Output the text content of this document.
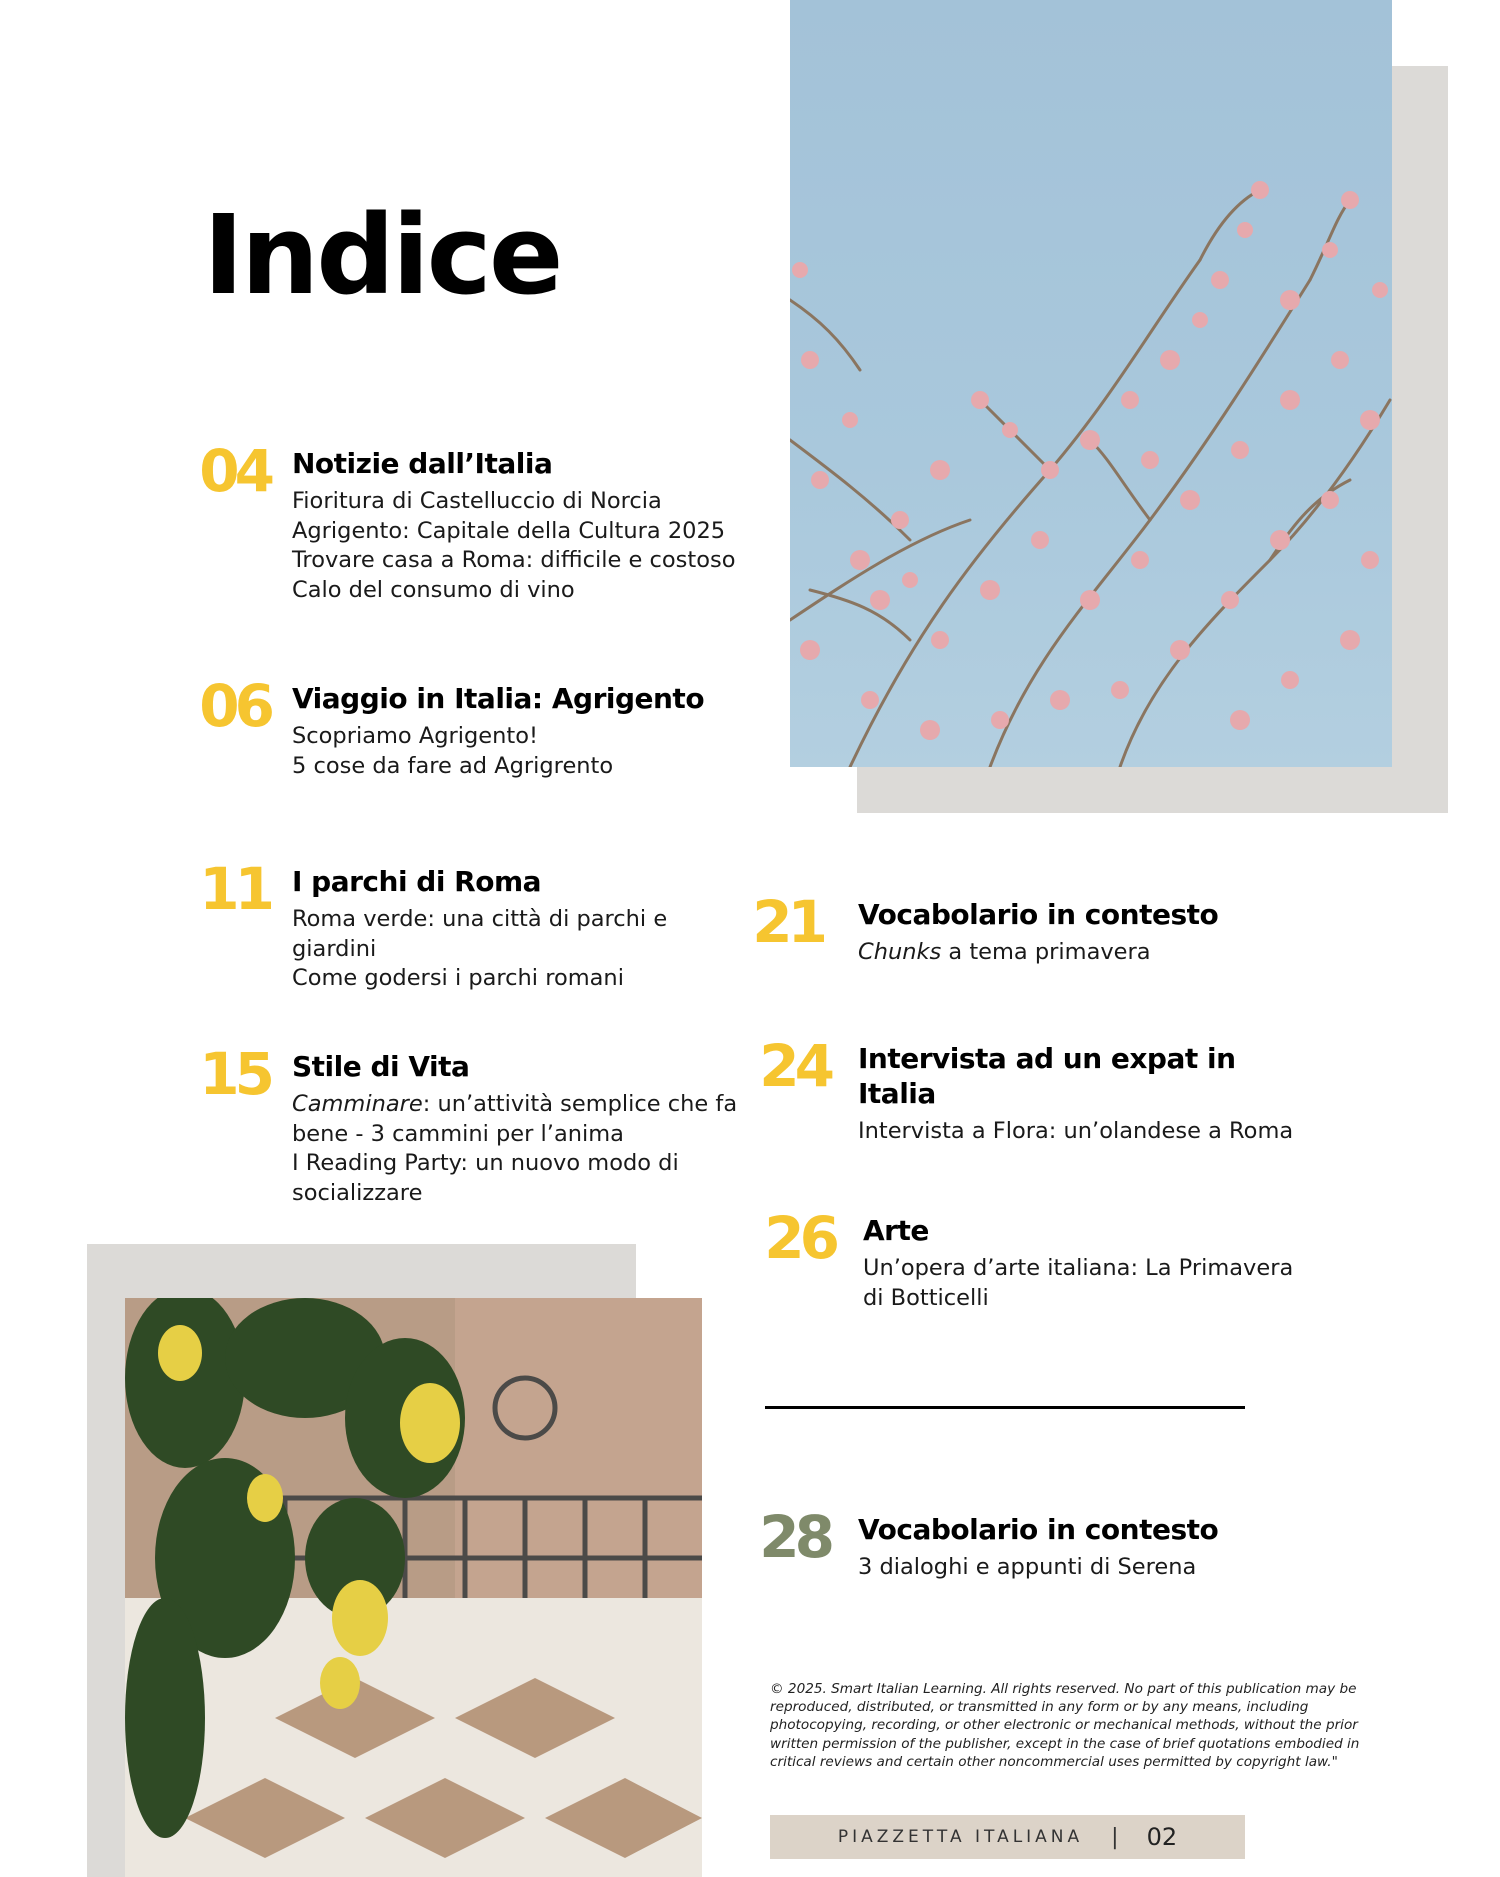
Indice
04 Notizie dall’Italia
Fioritura di Castelluccio di Norcia
Agrigento: Capitale della Cultura 2025
Trovare casa a Roma: difficile e costoso
Calo del consumo di vino
06 Viaggio in Italia: Agrigento
Scopriamo Agrigento!
5 cose da fare ad Agrigrento
11 I parchi di Roma
Roma verde: una città di parchi e
giardini
Come godersi i parchi romani
15 Stile di Vita
Camminare: un’attività semplice che fa
bene - 3 cammini per l’anima
I Reading Party: un nuovo modo di
socializzare
21 Vocabolario in contesto
Chunks a tema primavera
24 Intervista ad un expat in Italia
Intervista a Flora: un’olandese a Roma
26 Arte
Un’opera d’arte italiana: La Primavera
di Botticelli
28 Vocabolario in contesto
3 dialoghi e appunti di Serena
© 2025. Smart Italian Learning. All rights reserved. No part of this publication may be reproduced, distributed, or transmitted in any form or by any means, including photocopying, recording, or other electronic or mechanical methods, without the prior written permission of the publisher, except in the case of brief quotations embodied in critical reviews and certain other noncommercial uses permitted by copyright law."
PIAZZETTA ITALIANA | 02
